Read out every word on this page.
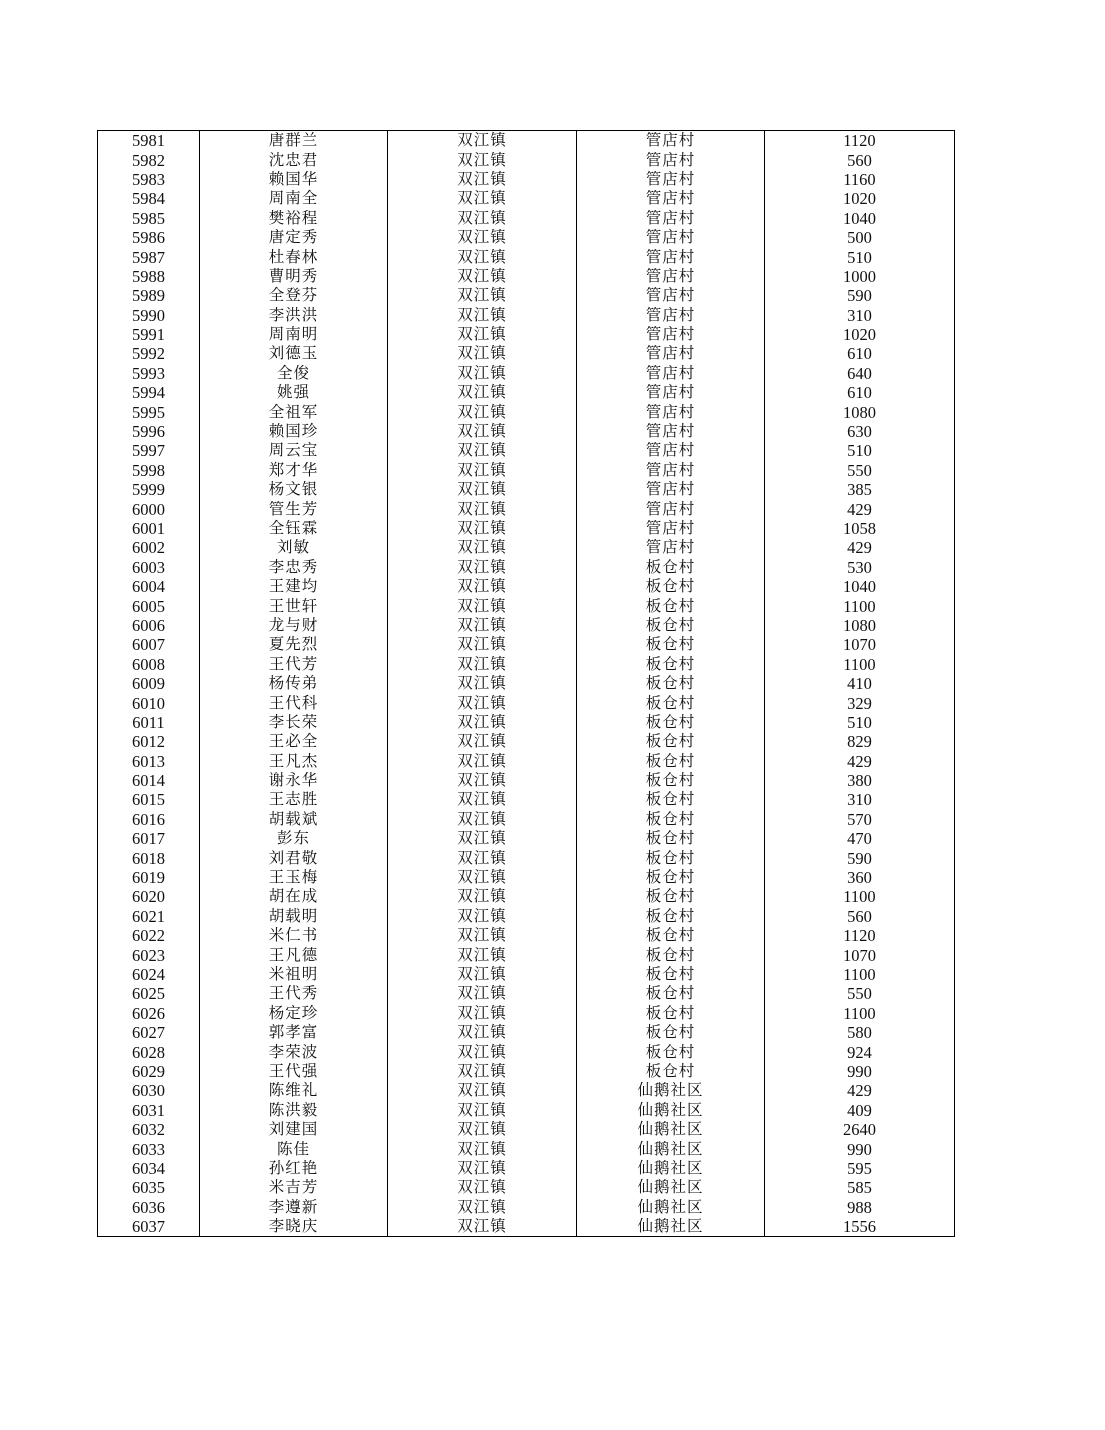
5981	唐群兰	双江镇	管店村	1120
5982	沈忠君	双江镇	管店村	560
5983	赖国华	双江镇	管店村	1160
5984	周南全	双江镇	管店村	1020
5985	樊裕程	双江镇	管店村	1040
5986	唐定秀	双江镇	管店村	500
5987	杜春林	双江镇	管店村	510
5988	曹明秀	双江镇	管店村	1000
5989	全登芬	双江镇	管店村	590
5990	李洪洪	双江镇	管店村	310
5991	周南明	双江镇	管店村	1020
5992	刘德玉	双江镇	管店村	610
5993	全俊	双江镇	管店村	640
5994	姚强	双江镇	管店村	610
5995	全祖军	双江镇	管店村	1080
5996	赖国珍	双江镇	管店村	630
5997	周云宝	双江镇	管店村	510
5998	郑才华	双江镇	管店村	550
5999	杨文银	双江镇	管店村	385
6000	管生芳	双江镇	管店村	429
6001	全钰霖	双江镇	管店村	1058
6002	刘敏	双江镇	管店村	429
6003	李忠秀	双江镇	板仓村	530
6004	王建均	双江镇	板仓村	1040
6005	王世轩	双江镇	板仓村	1100
6006	龙与财	双江镇	板仓村	1080
6007	夏先烈	双江镇	板仓村	1070
6008	王代芳	双江镇	板仓村	1100
6009	杨传弟	双江镇	板仓村	410
6010	王代科	双江镇	板仓村	329
6011	李长荣	双江镇	板仓村	510
6012	王必全	双江镇	板仓村	829
6013	王凡杰	双江镇	板仓村	429
6014	谢永华	双江镇	板仓村	380
6015	王志胜	双江镇	板仓村	310
6016	胡载斌	双江镇	板仓村	570
6017	彭东	双江镇	板仓村	470
6018	刘君敬	双江镇	板仓村	590
6019	王玉梅	双江镇	板仓村	360
6020	胡在成	双江镇	板仓村	1100
6021	胡载明	双江镇	板仓村	560
6022	米仁书	双江镇	板仓村	1120
6023	王凡德	双江镇	板仓村	1070
6024	米祖明	双江镇	板仓村	1100
6025	王代秀	双江镇	板仓村	550
6026	杨定珍	双江镇	板仓村	1100
6027	郭孝富	双江镇	板仓村	580
6028	李荣波	双江镇	板仓村	924
6029	王代强	双江镇	板仓村	990
6030	陈维礼	双江镇	仙鹅社区	429
6031	陈洪毅	双江镇	仙鹅社区	409
6032	刘建国	双江镇	仙鹅社区	2640
6033	陈佳	双江镇	仙鹅社区	990
6034	孙红艳	双江镇	仙鹅社区	595
6035	米吉芳	双江镇	仙鹅社区	585
6036	李遵新	双江镇	仙鹅社区	988
6037	李晓庆	双江镇	仙鹅社区	1556
